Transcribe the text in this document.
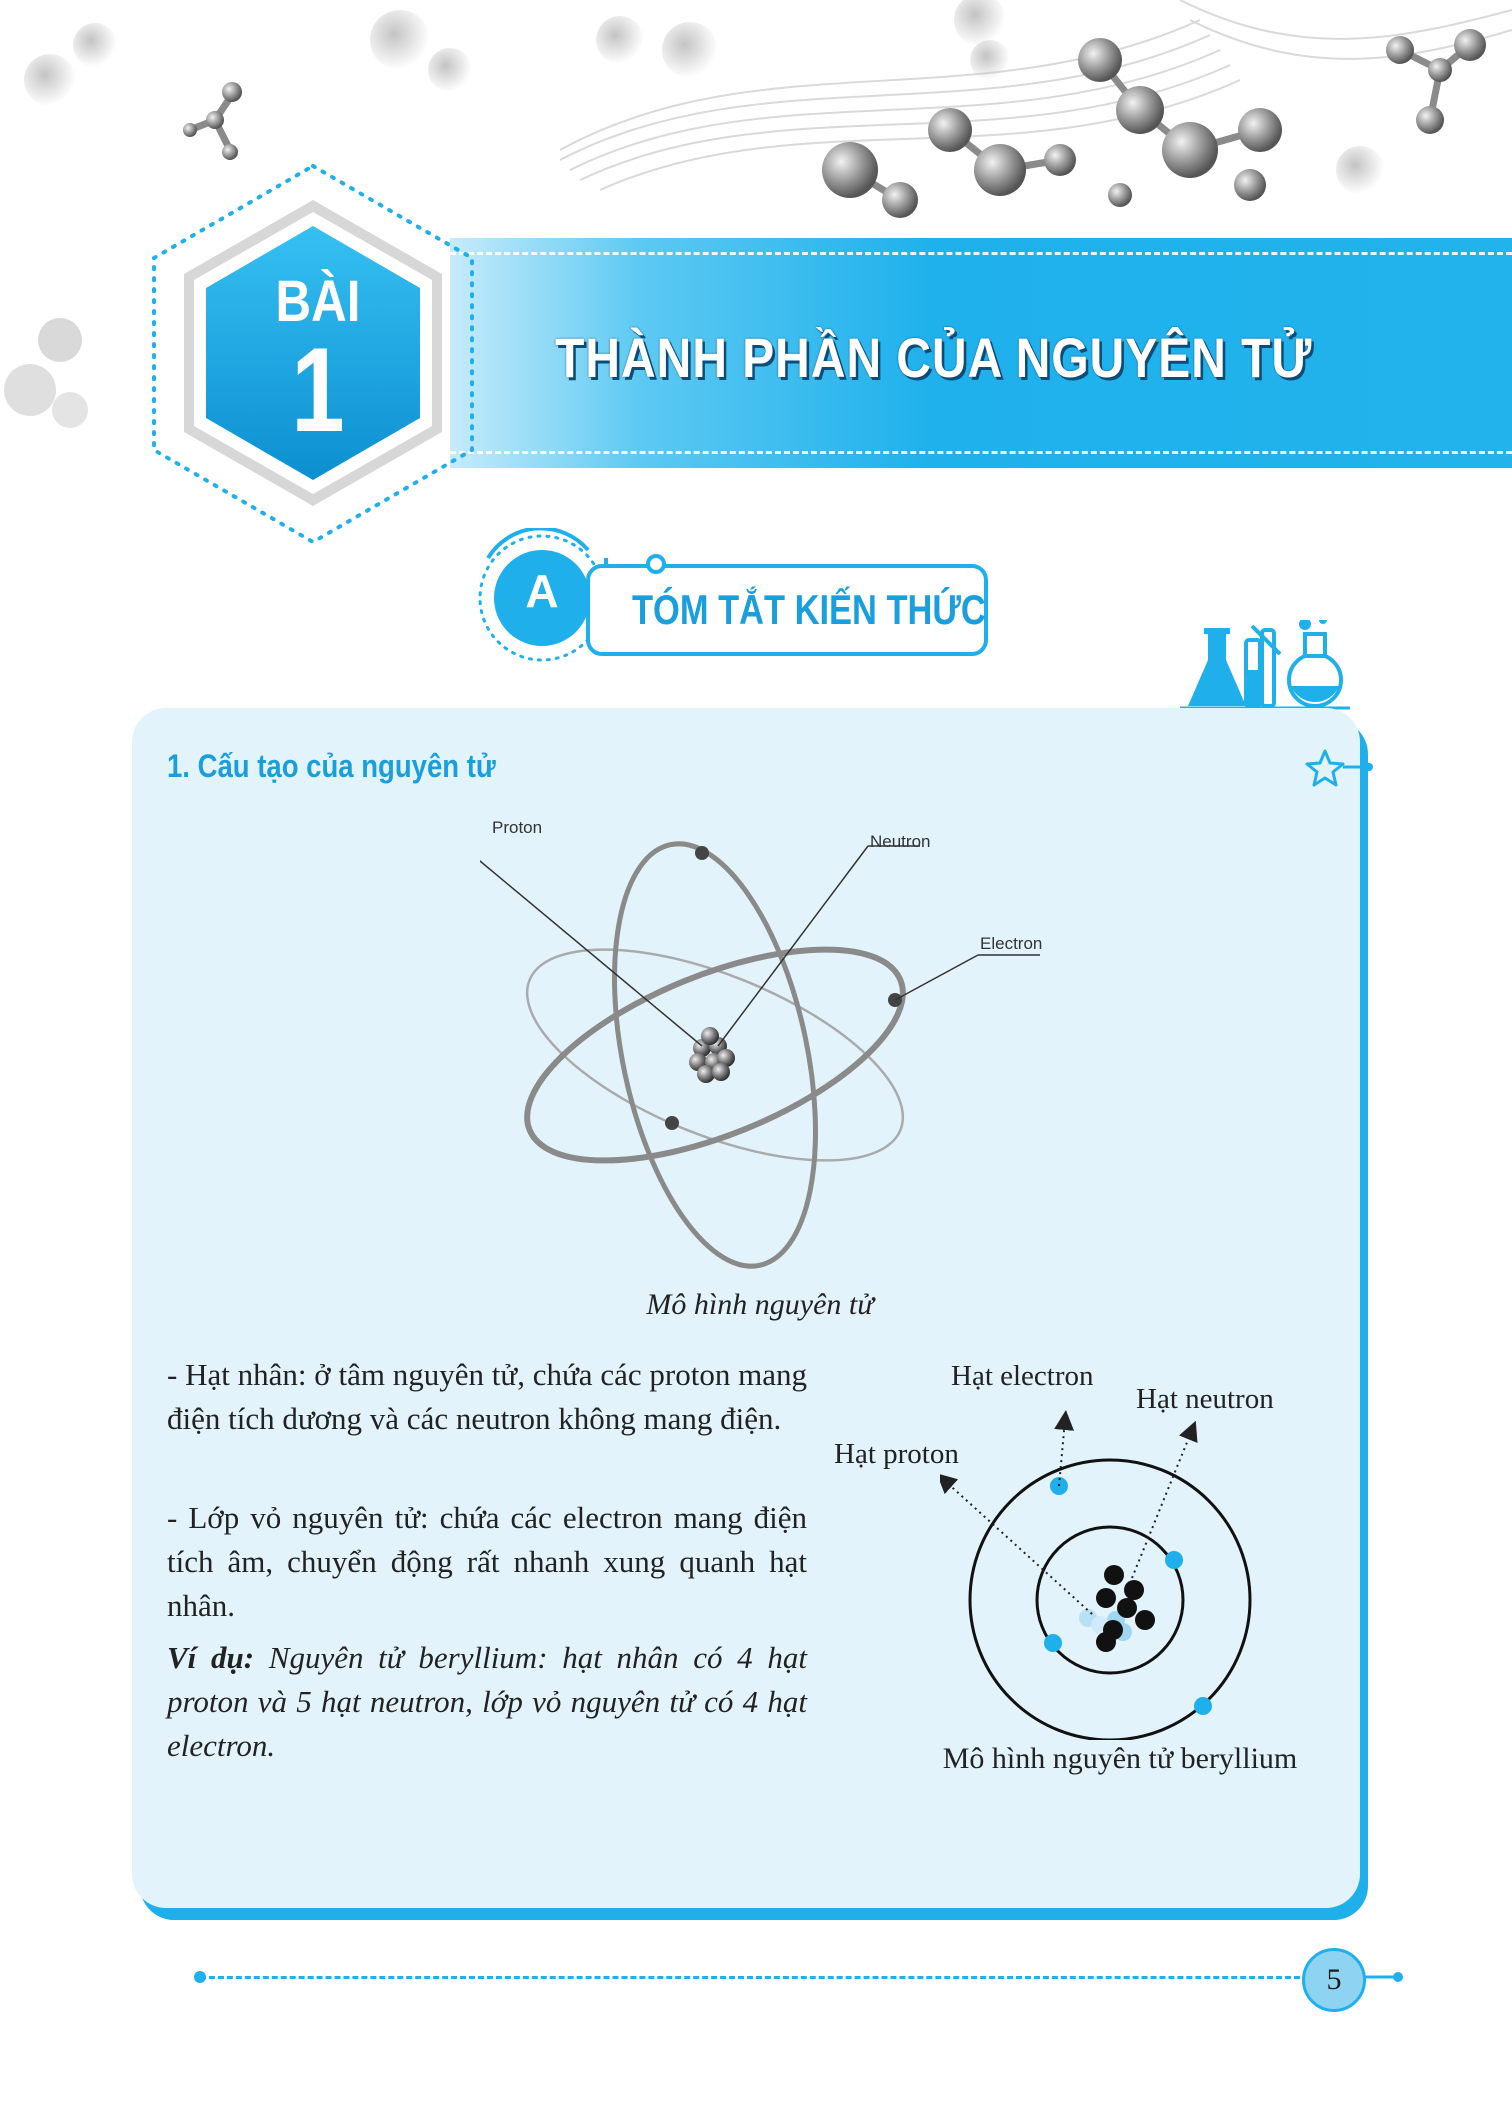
THÀNH PHẦN CỦA NGUYÊN TỬ
BÀI
1
A	TÓM TẮT KIẾN THỨC
1. Cấu tạo của nguyên tử
Proton
Neutron
Electron
Mô hình nguyên tử
- Hạt nhân: ở tâm nguyên tử, chứa các proton mang điện tích dương và các neutron không mang điện.
- Lớp vỏ nguyên tử: chứa các electron mang điện tích âm, chuyển động rất nhanh xung quanh hạt nhân.
Ví dụ: Nguyên tử beryllium: hạt nhân có 4 hạt proton và 5 hạt neutron, lớp vỏ nguyên tử có 4 hạt electron.
Hạt electron
Hạt neutron
Hạt proton
Mô hình nguyên tử beryllium
5
